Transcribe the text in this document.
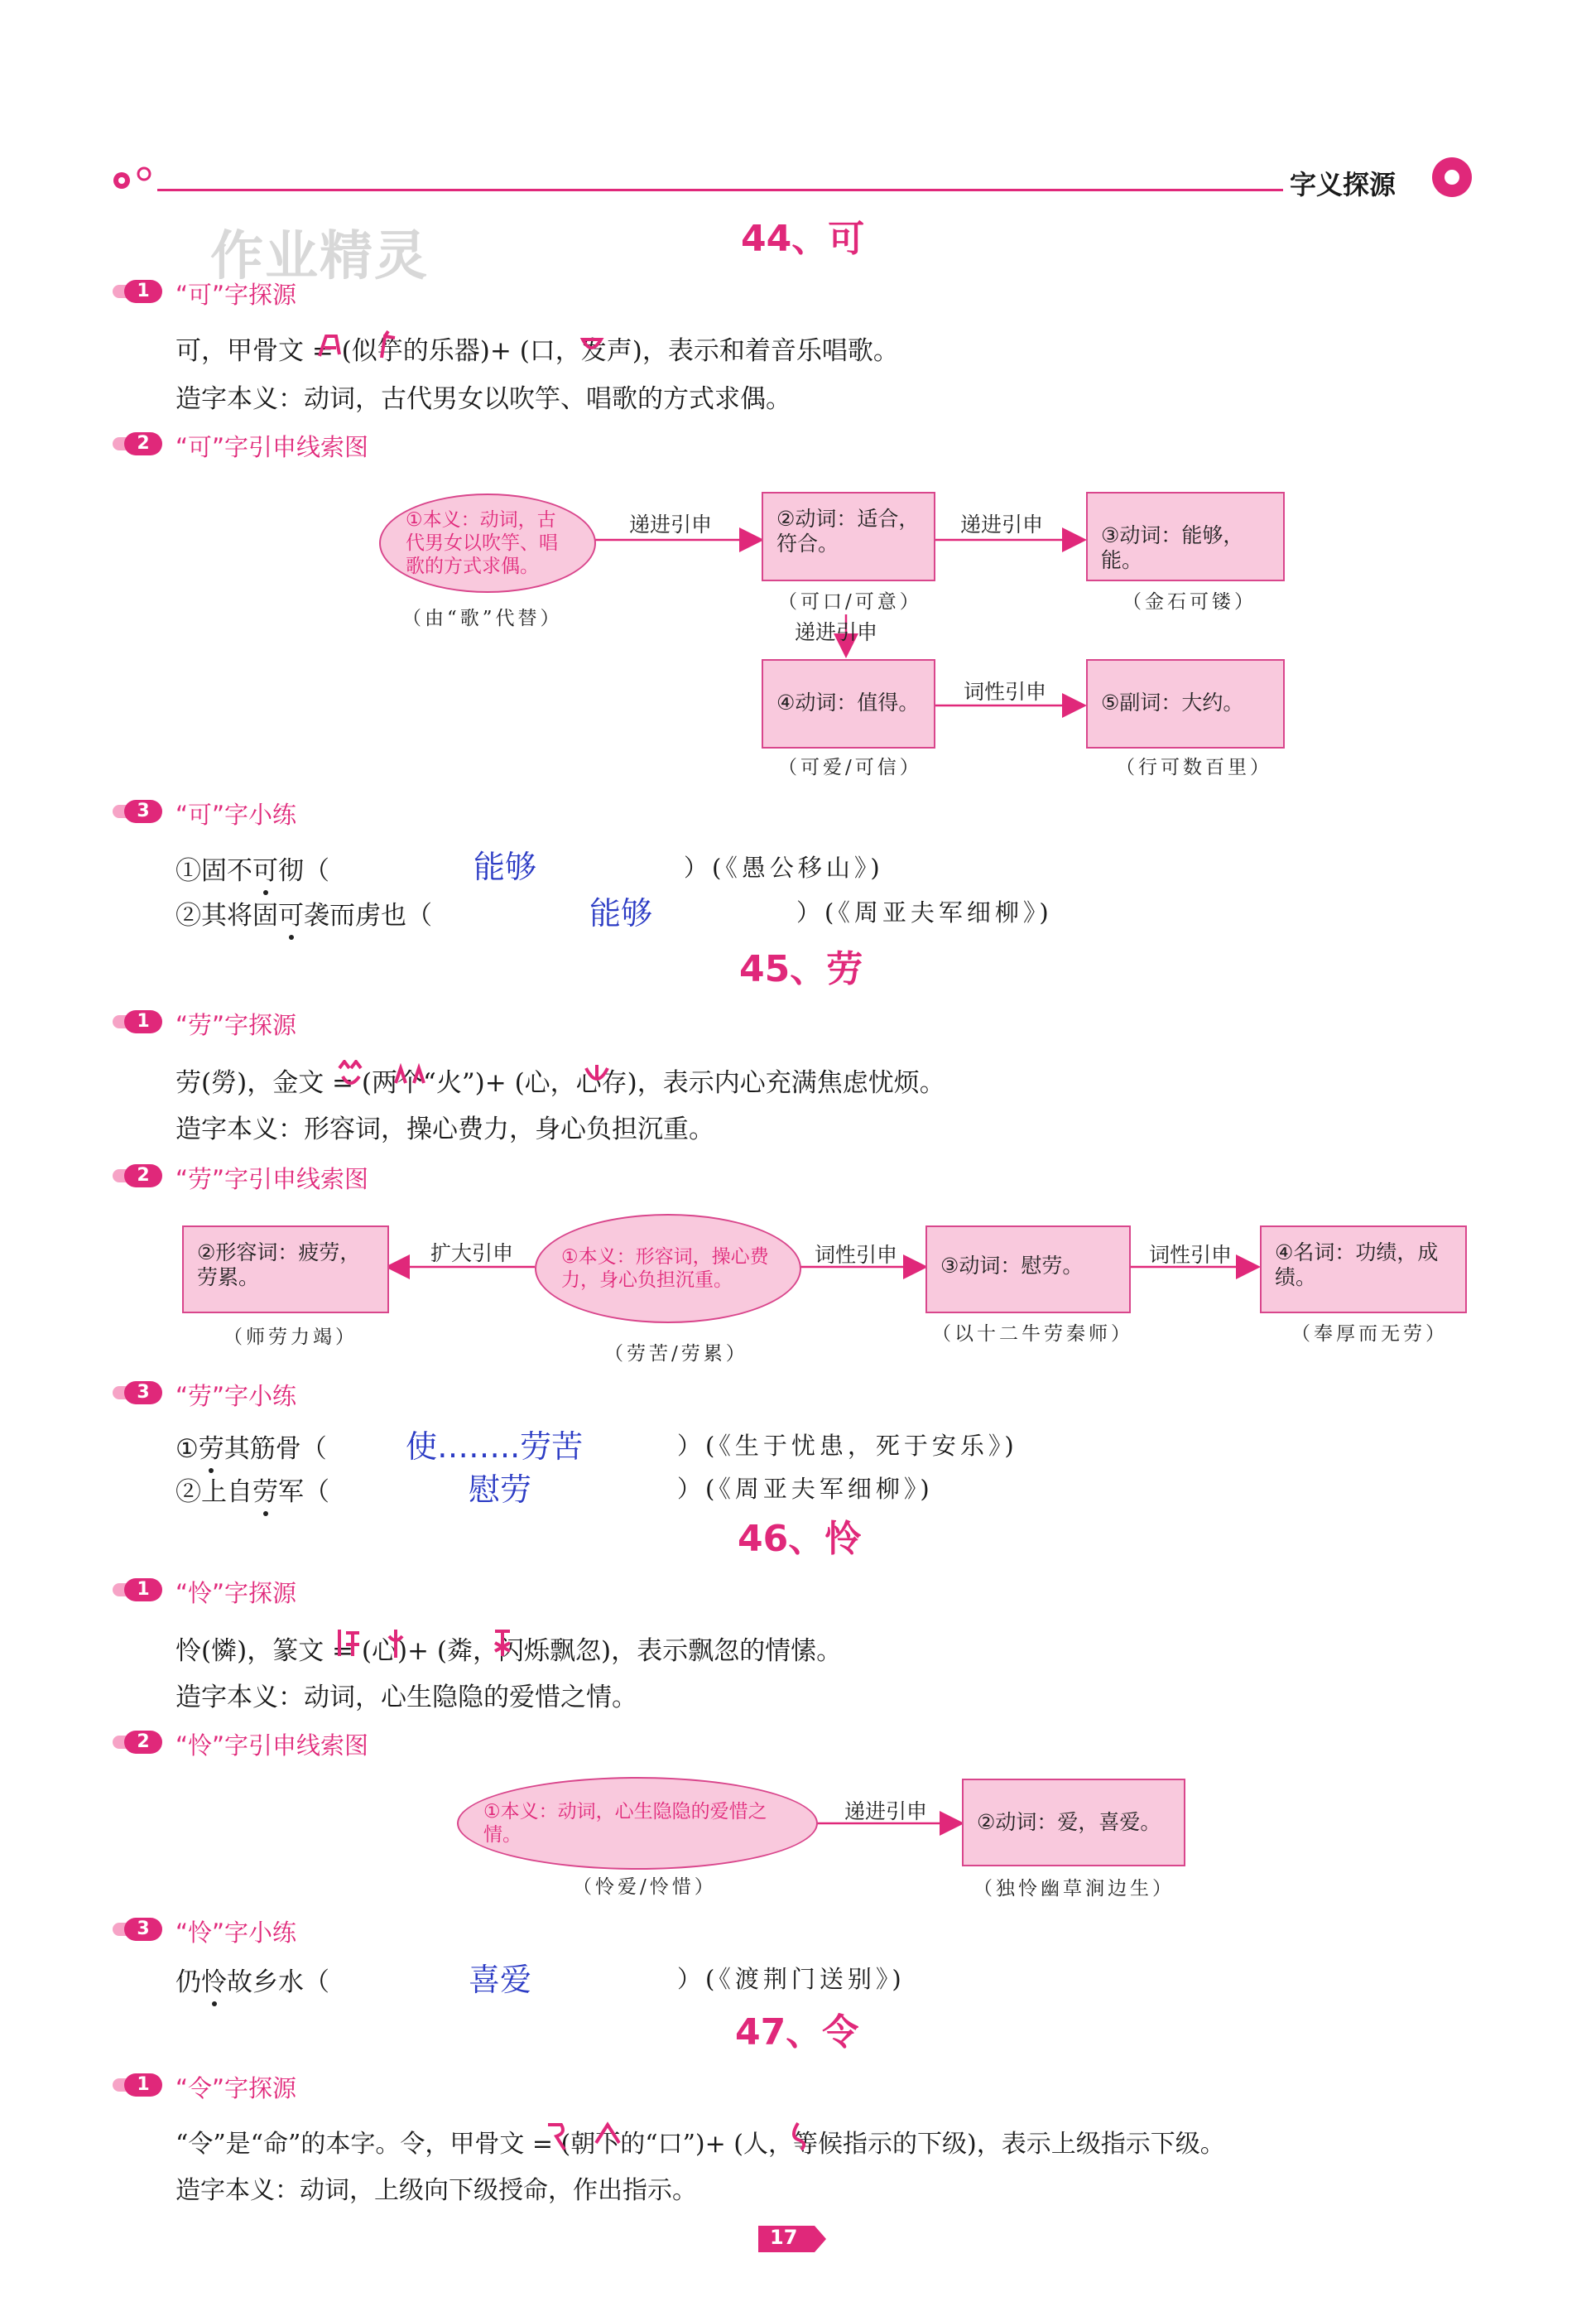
字义探源
作业精灵	44、可
1	“可”字探源
可，甲骨文 = (似竽的乐器)+ (口，发声)，表示和着音乐唱歌。
造字本义：动词，古代男女以吹竽、唱歌的方式求偶。
2	“可”字引申线索图
①本义：动词，古代男女以吹竽、唱歌的方式求偶。
（由“歌”代替）
递进引申	②动词：适合，符合。
（可口/可意）
递进引申	③动词：能够，能。
（金石可镂）
递进引申
④动词：值得。
（可爱/可信）
词性引申	⑤副词：大约。
（行可数百里）
3	“可”字小练
①固不可彻（	能够	）(《愚公移山》)
②其将固可袭而虏也（	能够	）(《周亚夫军细柳》)
45、劳
1	“劳”字探源
劳(勞)，金文 = (两个“火”)+ (心，心存)，表示内心充满焦虑忧烦。
造字本义：形容词，操心费力，身心负担沉重。
2	“劳”字引申线索图
②形容词：疲劳，劳累。
（师劳力竭）
扩大引申	①本义：形容词，操心费力，身心负担沉重。
（劳苦/劳累）
词性引申	③动词：慰劳。
（以十二牛劳秦师）
词性引申	④名词：功绩，成绩。
（奉厚而无劳）
3	“劳”字小练
①劳其筋骨（	使……..劳苦	）(《生于忧患，死于安乐》)
②上自劳军（	慰劳	）(《周亚夫军细柳》)
46、怜
1	“怜”字探源
怜(憐)，篆文 = (心)+ (粦，闪烁飘忽)，表示飘忽的情愫。
造字本义：动词，心生隐隐的爱惜之情。
2	“怜”字引申线索图
①本义：动词，心生隐隐的爱惜之情。
（怜爱/怜惜）
递进引申	②动词：爱，喜爱。
（独怜幽草涧边生）
3	“怜”字小练
仍怜故乡水（	喜爱	）(《渡荆门送别》)
47、令
1	“令”字探源
“令”是“命”的本字。令，甲骨文 = (朝下的“口”)+ (人，等候指示的下级)，表示上级指示下级。
造字本义：动词，上级向下级授命，作出指示。
17
